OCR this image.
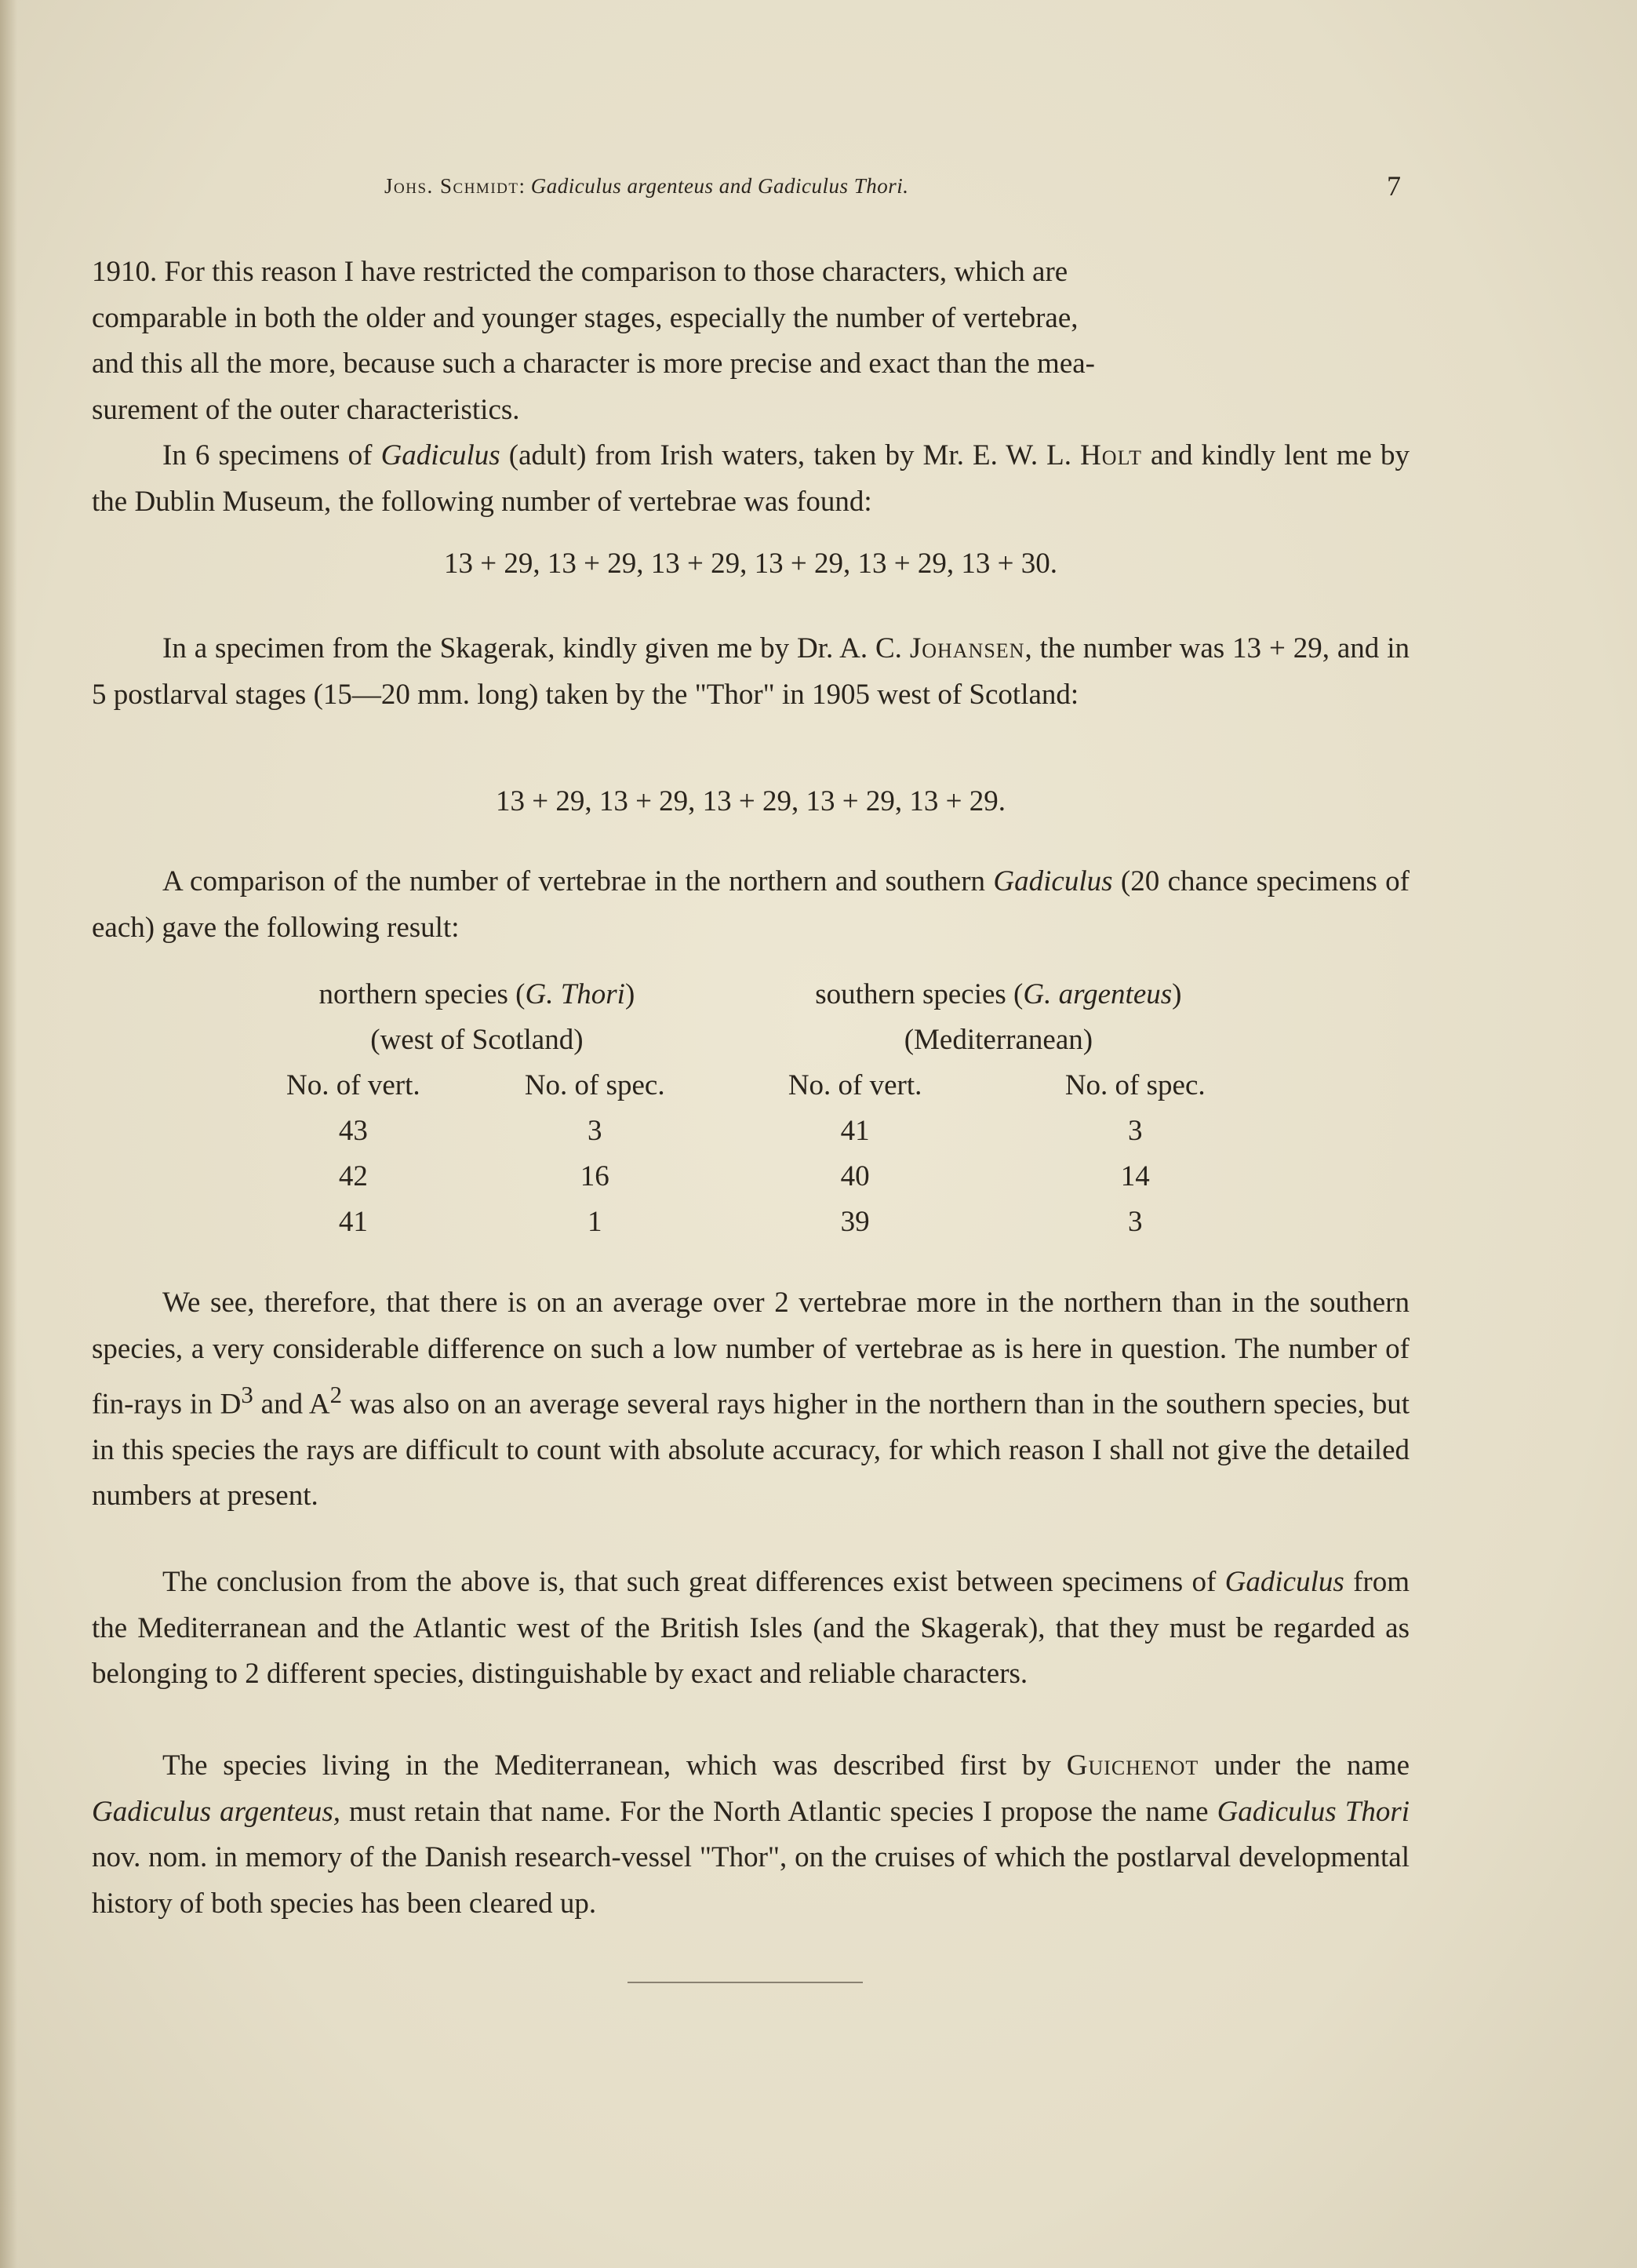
Johs. Schmidt: Gadiculus argenteus and Gadiculus Thori.	7

1910. For this reason I have restricted the comparison to those characters, which are

comparable in both the older and younger stages, especially the number of vertebrae,

and this all the more, because such a character is more precise and exact than the mea-

surement of the outer characteristics.

In 6 specimens of Gadiculus (adult) from Irish waters, taken by Mr. E. W. L. Holt and kindly lent me by the Dublin Museum, the following number of vertebrae was found:

13 + 29, 13 + 29, 13 + 29, 13 + 29, 13 + 29, 13 + 30.

In a specimen from the Skagerak, kindly given me by Dr. A. C. Johansen, the number was 13 + 29, and in 5 postlarval stages (15—20 mm. long) taken by the "Thor" in 1905 west of Scotland:

13 + 29, 13 + 29, 13 + 29, 13 + 29, 13 + 29.

A comparison of the number of vertebrae in the northern and southern Gadiculus (20 chance specimens of each) gave the following result:

northern species (G. Thori)		southern species (G. argenteus)	
(west of Scotland)		(Mediterranean)	
No. of vert.	No. of spec.	No. of vert.	No. of spec.
43	3	41	3
42	16	40	14
41	1	39	3

We see, therefore, that there is on an average over 2 vertebrae more in the northern than in the southern species, a very considerable difference on such a low number of vertebrae as is here in question. The number of fin-rays in $D^3$ and $A^2$ was also on an average several rays higher in the northern than in the southern species, but in this species the rays are difficult to count with absolute accuracy, for which reason I shall not give the detailed numbers at present.

The conclusion from the above is, that such great differences exist between specimens of Gadiculus from the Mediterranean and the Atlantic west of the British Isles (and the Skagerak), that they must be regarded as belonging to 2 different species, distinguishable by exact and reliable characters.

The species living in the Mediterranean, which was described first by Guichenot under the name Gadiculus argenteus, must retain that name. For the North Atlantic species I propose the name Gadiculus Thori nov. nom. in memory of the Danish research-vessel "Thor", on the cruises of which the postlarval developmental history of both species has been cleared up.
